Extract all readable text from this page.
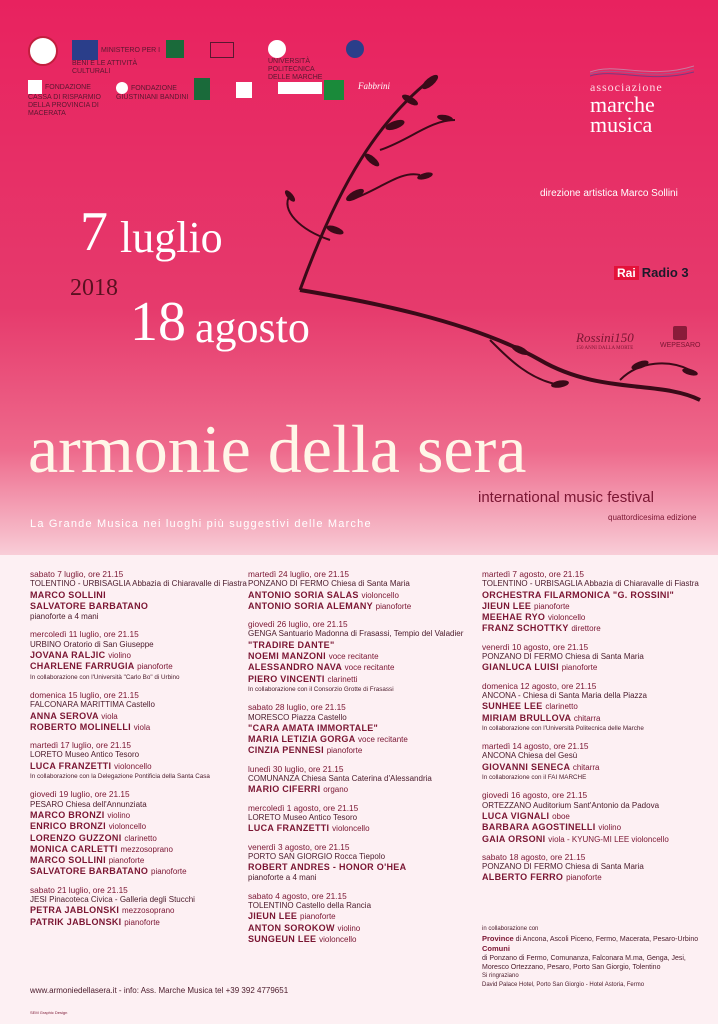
MINISTERO PER I BENI E LE ATTIVITÀ CULTURALI
UNIVERSITÀ POLITECNICA DELLE MARCHE
FONDAZIONE CASSA DI RISPARMIO DELLA PROVINCIA DI MACERATA
FONDAZIONE GIUSTINIANI BANDINI
Fabbrini	associazione
marche
musica
direzione artistica Marco Sollini
7 luglio
2018
18 agosto
Rai Radio 3
Rossini150
150 ANNI DALLA MORTE	WEPESARO
armonie della sera
international music festival
quattordicesima edizione
La Grande Musica nei luoghi più suggestivi delle Marche
sabato 7 luglio, ore 21.15
TOLENTINO - URBISAGLIA Abbazia di Chiaravalle di Fiastra
MARCO SOLLINI
SALVATORE BARBATANO
pianoforte a 4 mani
mercoledì 11 luglio, ore 21.15
URBINO Oratorio di San Giuseppe
JOVANA RALJIC violino
CHARLENE FARRUGIA pianoforte
In collaborazione con l'Università "Carlo Bo" di Urbino
domenica 15 luglio, ore 21.15
FALCONARA MARITTIMA Castello
ANNA SEROVA viola
ROBERTO MOLINELLI viola
martedì 17 luglio, ore 21.15
LORETO Museo Antico Tesoro
LUCA FRANZETTI violoncello
In collaborazione con la Delegazione Pontificia della Santa Casa
giovedì 19 luglio, ore 21.15
PESARO Chiesa dell'Annunziata
MARCO BRONZI violino
ENRICO BRONZI violoncello
LORENZO GUZZONI clarinetto
MONICA CARLETTI mezzosoprano
MARCO SOLLINI pianoforte
SALVATORE BARBATANO pianoforte
sabato 21 luglio, ore 21.15
JESI Pinacoteca Civica - Galleria degli Stucchi
PETRA JABLONSKI mezzosoprano
PATRIK JABLONSKI pianoforte
martedì 24 luglio, ore 21.15
PONZANO DI FERMO Chiesa di Santa Maria
ANTONIO SORIA SALAS violoncello
ANTONIO SORIA ALEMANY pianoforte
giovedì 26 luglio, ore 21.15
GENGA Santuario Madonna di Frasassi, Tempio del Valadier
"TRADIRE DANTE"
NOEMI MANZONI voce recitante
ALESSANDRO NAVA voce recitante
PIERO VINCENTI clarinetti
In collaborazione con il Consorzio Grotte di Frasassi
sabato 28 luglio, ore 21.15
MORESCO Piazza Castello
"CARA AMATA IMMORTALE"
MARIA LETIZIA GORGA voce recitante
CINZIA PENNESI pianoforte
lunedì 30 luglio, ore 21.15
COMUNANZA Chiesa Santa Caterina d'Alessandria
MARIO CIFERRI organo
mercoledì 1 agosto, ore 21.15
LORETO Museo Antico Tesoro
LUCA FRANZETTI violoncello
venerdì 3 agosto, ore 21.15
PORTO SAN GIORGIO Rocca Tiepolo
ROBERT ANDRES - HONOR O'HEA
pianoforte a 4 mani
sabato 4 agosto, ore 21.15
TOLENTINO Castello della Rancia
JIEUN LEE pianoforte
ANTON SOROKOW violino
SUNGEUN LEE violoncello
martedì 7 agosto, ore 21.15
TOLENTINO - URBISAGLIA Abbazia di Chiaravalle di Fiastra
ORCHESTRA FILARMONICA "G. ROSSINI"
JIEUN LEE pianoforte
MEEHAE RYO violoncello
FRANZ SCHOTTKY direttore
venerdì 10 agosto, ore 21.15
PONZANO DI FERMO Chiesa di Santa Maria
GIANLUCA LUISI pianoforte
domenica 12 agosto, ore 21.15
ANCONA - Chiesa di Santa Maria della Piazza
SUNHEE LEE clarinetto
MIRIAM BRULLOVA chitarra
In collaborazione con l'Università Politecnica delle Marche
martedì 14 agosto, ore 21.15
ANCONA Chiesa del Gesù
GIOVANNI SENECA chitarra
In collaborazione con il FAI MARCHE
giovedì 16 agosto, ore 21.15
ORTEZZANO Auditorium Sant'Antonio da Padova
LUCA VIGNALI oboe
BARBARA AGOSTINELLI violino
GAIA ORSONI viola - KYUNG-MI LEE violoncello
sabato 18 agosto, ore 21.15
PONZANO DI FERMO Chiesa di Santa Maria
ALBERTO FERRO pianoforte
in collaborazione con
Province di Ancona, Ascoli Piceno, Fermo, Macerata, Pesaro-Urbino
Comuni
di Ponzano di Fermo, Comunanza, Falconara M.ma, Genga, Jesi, Moresco Ortezzano, Pesaro, Porto San Giorgio, Tolentino
Si ringraziano
David Palace Hotel, Porto San Giorgio - Hotel Astoria, Fermo
www.armoniedellasera.it - info: Ass. Marche Musica tel +39 392 4779651
SEM Graphic Design
